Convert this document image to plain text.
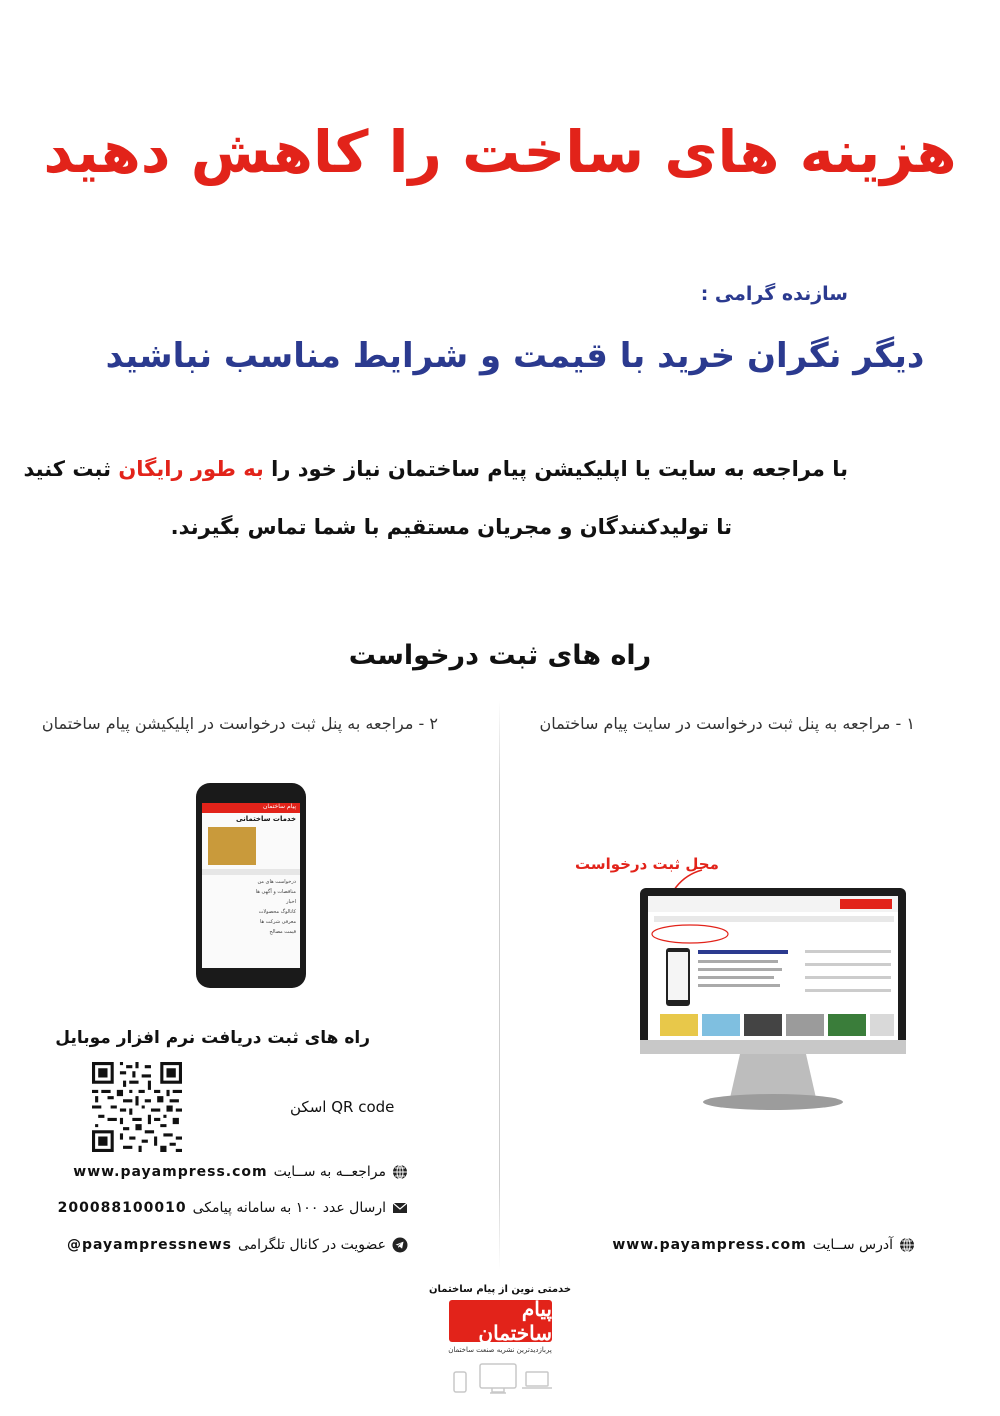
هزینه های ساخت را کاهش دهید
سازنده گرامی :
دیگر نگران خرید با قیمت و شرایط مناسب نباشید
با مراجعه به سایت یا اپلیکیشن پیام ساختمان نیاز خود را به طور رایگان ثبت کنید
تا تولیدکنندگان و مجریان مستقیم با شما تماس بگیرند.
راه های ثبت درخواست
۱ - مراجعه به پنل ثبت درخواست در سایت پیام ساختمان
۲ - مراجعه به پنل ثبت درخواست در اپلیکیشن پیام ساختمان
محل ثبت درخواست
پیام ساختمان
خدمات ساختمانی
درخواست های من
مناقصات و آگهی ها
اخبار
کاتالوگ محصولات
معرفی شرکت ها
قیمت مصالح
راه های ثبت دریافت نرم افزار موبایل
اسکن QR code
www.payampress.com مراجعــه به ســایت
200088100010 ارسال عدد ۱۰۰ به سامانه پیامکی
@payampressnews عضویت در کانال تلگرامی	www.payampress.com آدرس ســایت
خدمتی نوین از پیام ساختمان
پیام ساختمان
پربازدیدترین نشریه صنعت ساختمان
